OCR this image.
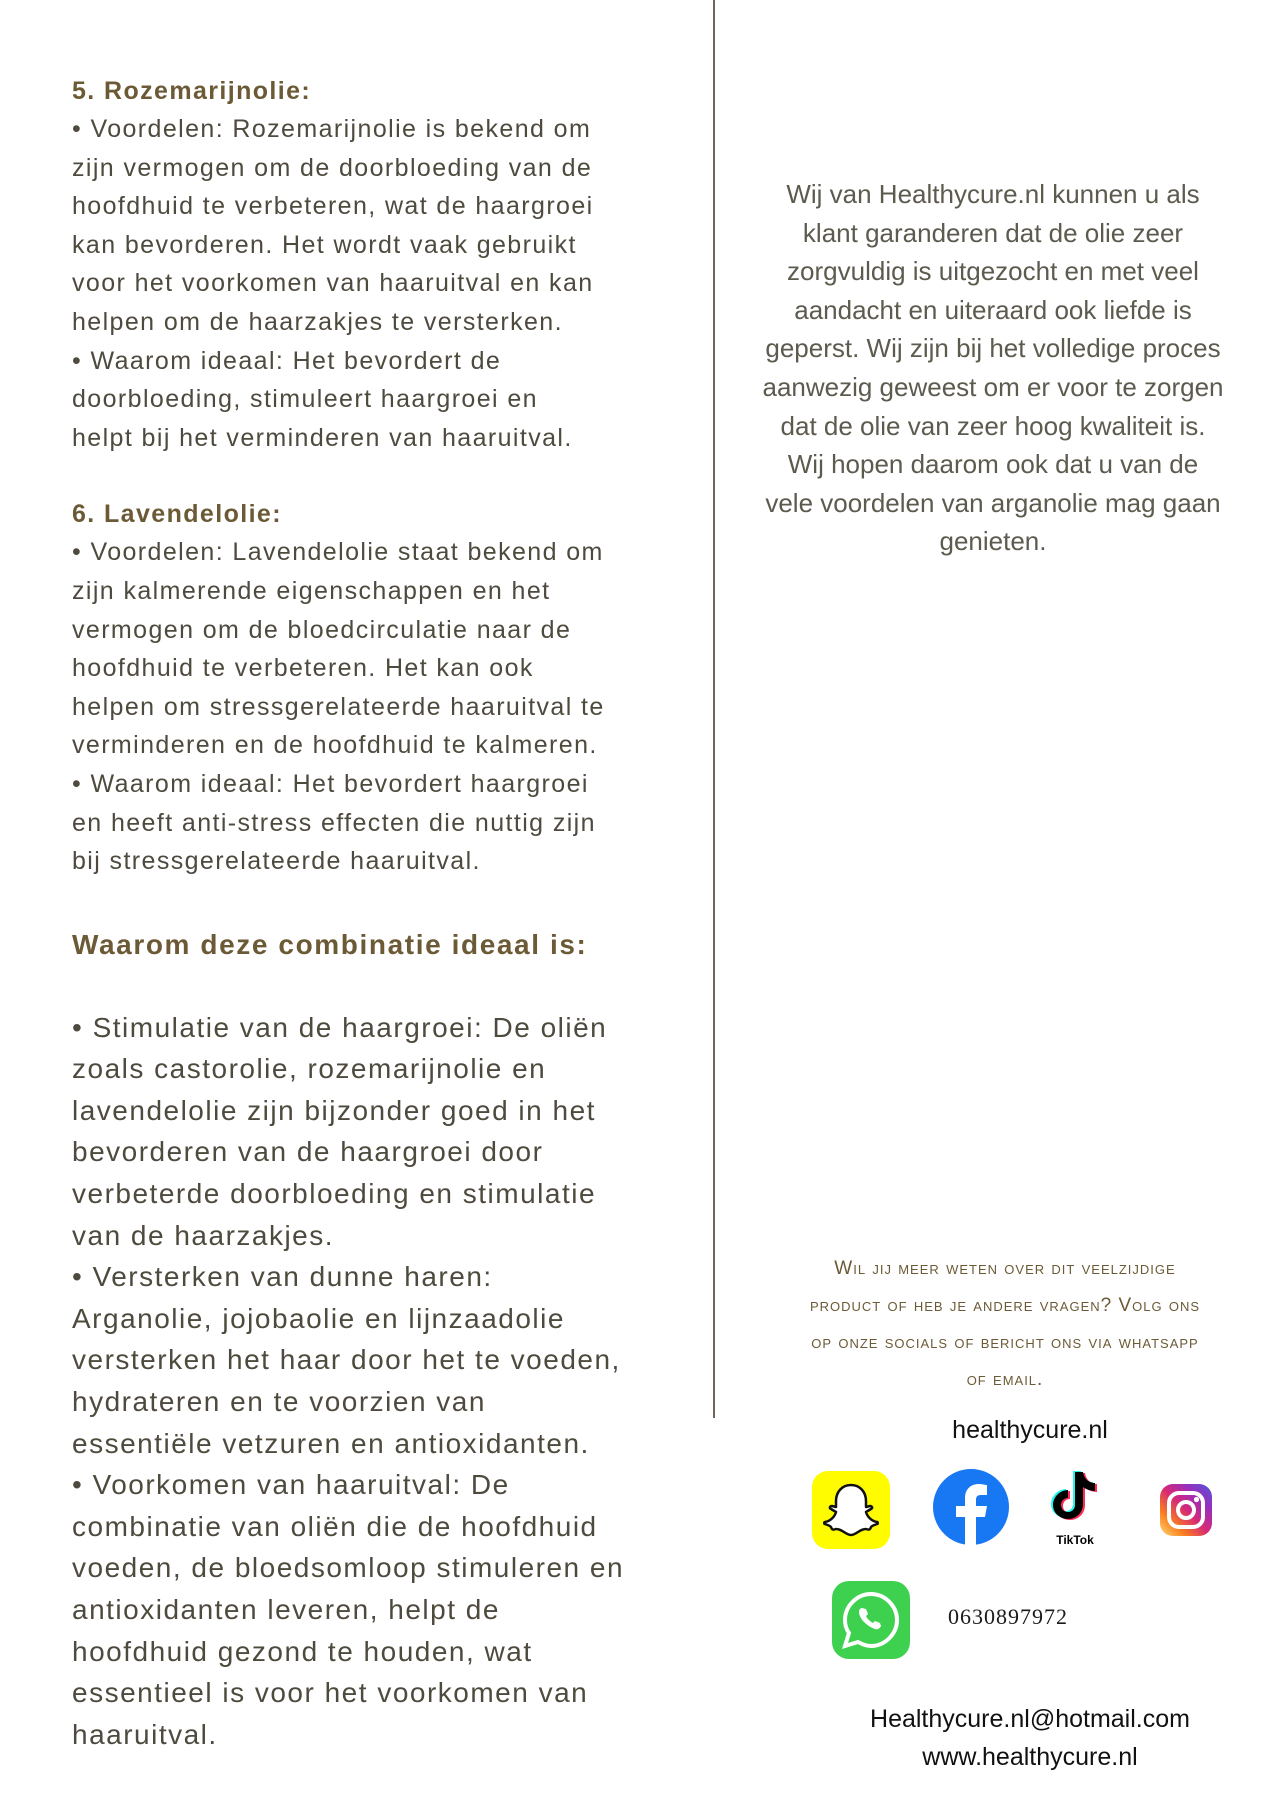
5. Rozemarijnolie:

• Voordelen: Rozemarijnolie is bekend om

zijn vermogen om de doorbloeding van de

hoofdhuid te verbeteren, wat de haargroei

kan bevorderen. Het wordt vaak gebruikt

voor het voorkomen van haaruitval en kan

helpen om de haarzakjes te versterken.

• Waarom ideaal: Het bevordert de

doorbloeding, stimuleert haargroei en

helpt bij het verminderen van haaruitval.

6. Lavendelolie:

• Voordelen: Lavendelolie staat bekend om

zijn kalmerende eigenschappen en het

vermogen om de bloedcirculatie naar de

hoofdhuid te verbeteren. Het kan ook

helpen om stressgerelateerde haaruitval te

verminderen en de hoofdhuid te kalmeren.

• Waarom ideaal: Het bevordert haargroei

en heeft anti-stress effecten die nuttig zijn

bij stressgerelateerde haaruitval.

Waarom deze combinatie ideaal is:

• Stimulatie van de haargroei: De oliën

zoals castorolie, rozemarijnolie en

lavendelolie zijn bijzonder goed in het

bevorderen van de haargroei door

verbeterde doorbloeding en stimulatie

van de haarzakjes.

• Versterken van dunne haren:

Arganolie, jojobaolie en lijnzaadolie

versterken het haar door het te voeden,

hydrateren en te voorzien van

essentiële vetzuren en antioxidanten.

• Voorkomen van haaruitval: De

combinatie van oliën die de hoofdhuid

voeden, de bloedsomloop stimuleren en

antioxidanten leveren, helpt de

hoofdhuid gezond te houden, wat

essentieel is voor het voorkomen van

haaruitval.

Wij van Healthycure.nl kunnen u als
klant garanderen dat de olie zeer
zorgvuldig is uitgezocht en met veel
aandacht en uiteraard ook liefde is
geperst. Wij zijn bij het volledige proces
aanwezig geweest om er voor te zorgen
dat de olie van zeer hoog kwaliteit is.
Wij hopen daarom ook dat u van de
vele voordelen van arganolie mag gaan
genieten.
Wil jij meer weten over dit veelzijdige
product of heb je andere vragen? Volg ons
op onze socials of bericht ons via whatsapp
of email.
healthycure.nl
TikTok
0630897972
Healthycure.nl@hotmail.com
www.healthycure.nl
